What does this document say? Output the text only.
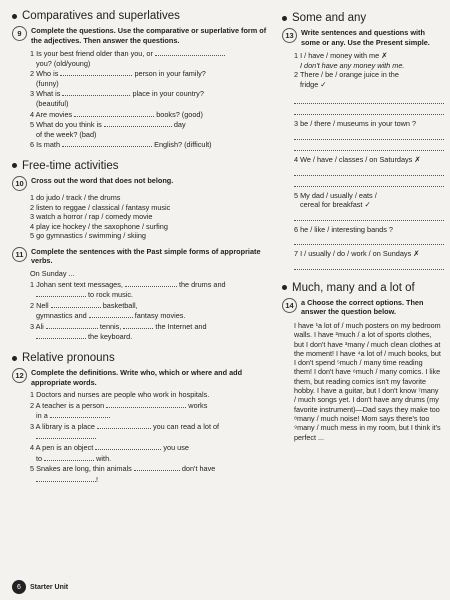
Comparatives and superlatives
9	Complete the questions. Use the comparative or superlative form of the adjectives. Then answer the questions.
1 Is your best friend older than you, or
you? (old/young)
2 Who is	person in your family?
(funny)
3 What is	place in your country?
(beautiful)
4 Are movies	books? (good)
5 What do you think is	day
of the week? (bad)
6 Is math	English? (difficult)
Free-time activities
10	Cross out the word that does not belong.
1 do judo / track / the drums
2 listen to reggae / classical / fantasy music
3 watch a horror / rap / comedy movie
4 play ice hockey / the saxophone / surfing
5 go gymnastics / swimming / skiing
11	Complete the sentences with the Past simple forms of appropriate verbs.
On Sunday ...
1 Johan sent text messages,	the drums and
to rock music.
2 Nell	basketball,
gymnastics and	fantasy movies.
3 Ali	tennis,	the Internet and
the keyboard.
Relative pronouns
12	Complete the definitions. Write who, which or where and add appropriate words.
1 Doctors and nurses are people who work in hospitals.
2 A teacher is a person	works
in a
3 A library is a place	you can read a lot of
4 A pen is an object	you use
to	with.
5 Snakes are long, thin animals	don't have
!
Some and any
13	Write sentences and questions with some or any. Use the Present simple.
1 I / have / money with me ✗
I don't have any money with me.
2 There / be / orange juice in the
fridge ✓
3 be / there / museums in your town ?
4 We / have / classes / on Saturdays ✗
5 My dad / usually / eats /
cereal for breakfast ✓
6 he / like / interesting bands ?
7 I / usually / do / work / on Sundays ✗
Much, many and a lot of
14	a Choose the correct options. Then answer the question below.
I have ¹a lot of / much posters on my bedroom walls. I have ²much / a lot of sports clothes, but I don't have ³many / much clean clothes at the moment! I have ⁴a lot of / much books, but I don't spend ⁵much / many time reading them! I don't have ⁶much / many comics. I like them, but reading comics isn't my favorite hobby. I have a guitar, but I don't know ⁷many / much songs yet. I don't have any drums (my favorite instrument)—Dad says they make too ⁸many / much noise! Mom says there's too ⁹many / much mess in my room, but I think it's perfect ...
6	Starter Unit
